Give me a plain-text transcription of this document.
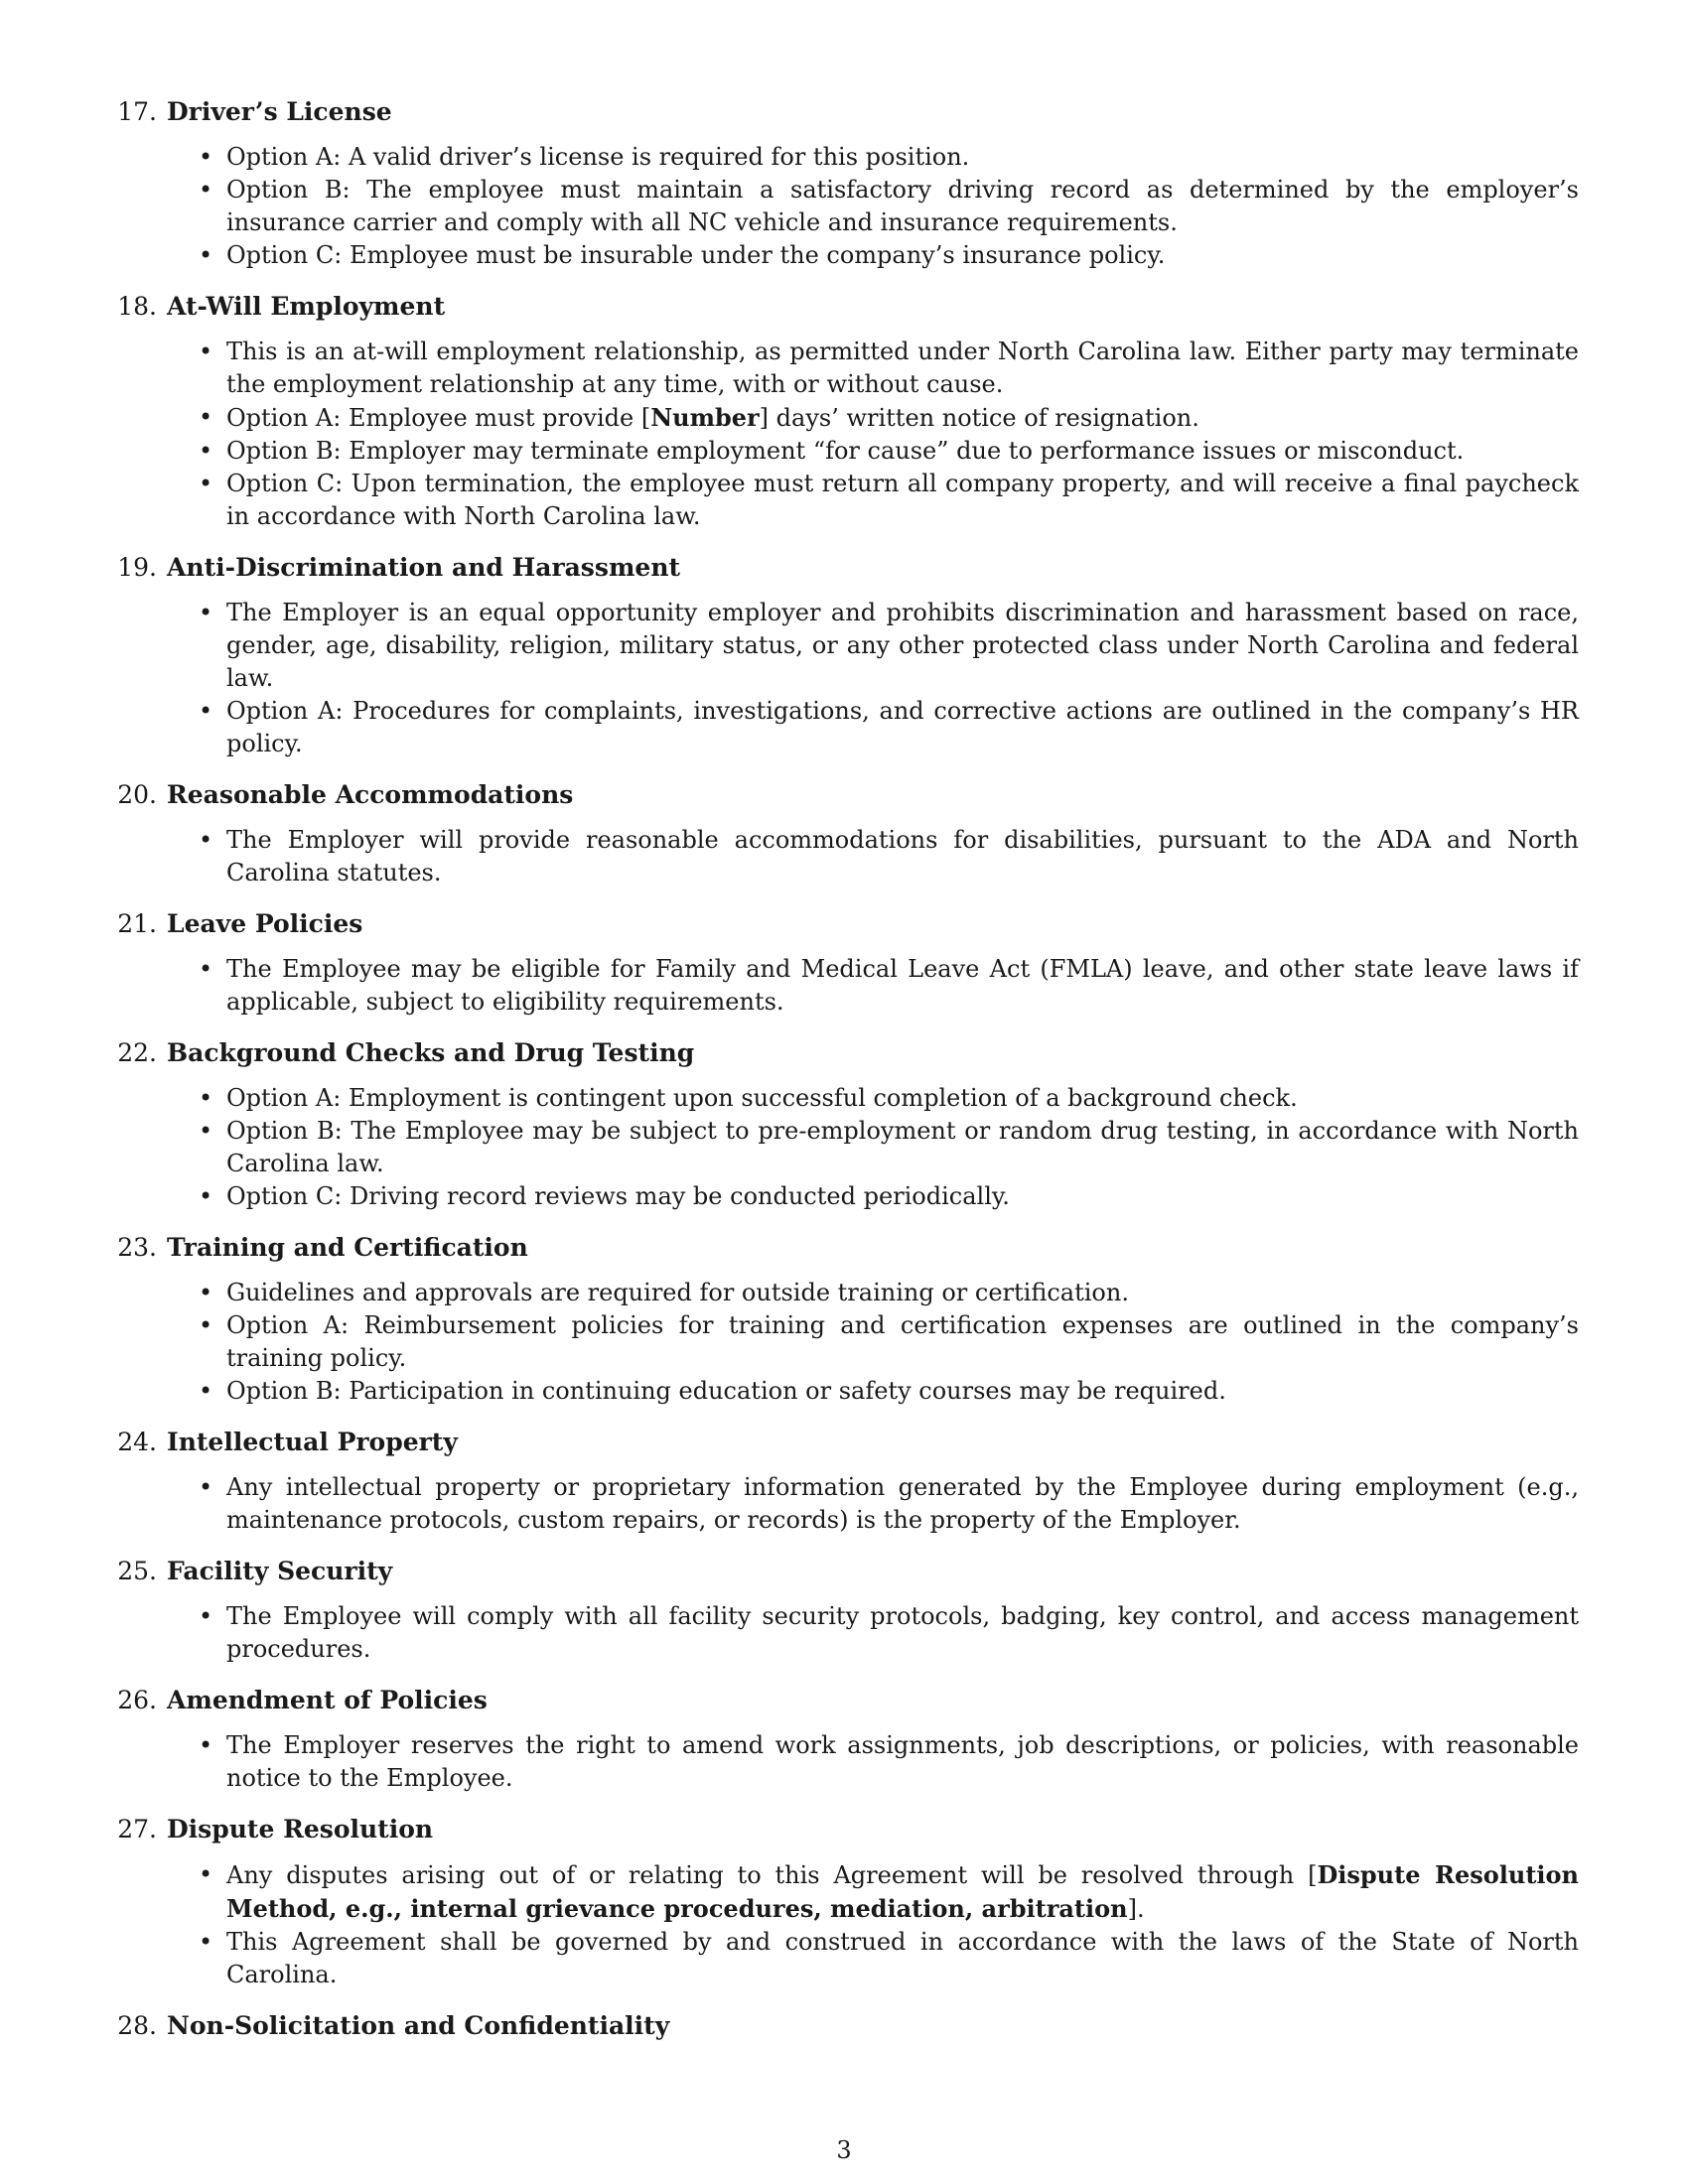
17. Driver’s License
• Option A: A valid driver’s license is required for this position.
• Option B: The employee must maintain a satisfactory driving record as determined by the employer’s insurance carrier and comply with all NC vehicle and insurance requirements.
• Option C: Employee must be insurable under the company’s insurance policy.
18. At-Will Employment
• This is an at-will employment relationship, as permitted under North Carolina law. Either party may terminate the employment relationship at any time, with or without cause.
• Option A: Employee must provide [Number] days’ written notice of resignation.
• Option B: Employer may terminate employment “for cause” due to performance issues or misconduct.
• Option C: Upon termination, the employee must return all company property, and will receive a final paycheck in accordance with North Carolina law.
19. Anti-Discrimination and Harassment
• The Employer is an equal opportunity employer and prohibits discrimination and harassment based on race, gender, age, disability, religion, military status, or any other protected class under North Carolina and federal law.
• Option A: Procedures for complaints, investigations, and corrective actions are outlined in the company’s HR policy.
20. Reasonable Accommodations
• The Employer will provide reasonable accommodations for disabilities, pursuant to the ADA and North Carolina statutes.
21. Leave Policies
• The Employee may be eligible for Family and Medical Leave Act (FMLA) leave, and other state leave laws if applicable, subject to eligibility requirements.
22. Background Checks and Drug Testing
• Option A: Employment is contingent upon successful completion of a background check.
• Option B: The Employee may be subject to pre-employment or random drug testing, in accordance with North Carolina law.
• Option C: Driving record reviews may be conducted periodically.
23. Training and Certification
• Guidelines and approvals are required for outside training or certification.
• Option A: Reimbursement policies for training and certification expenses are outlined in the company’s training policy.
• Option B: Participation in continuing education or safety courses may be required.
24. Intellectual Property
• Any intellectual property or proprietary information generated by the Employee during employment (e.g., maintenance protocols, custom repairs, or records) is the property of the Employer.
25. Facility Security
• The Employee will comply with all facility security protocols, badging, key control, and access management procedures.
26. Amendment of Policies
• The Employer reserves the right to amend work assignments, job descriptions, or policies, with reasonable notice to the Employee.
27. Dispute Resolution
• Any disputes arising out of or relating to this Agreement will be resolved through [Dispute Resolution Method, e.g., internal grievance procedures, mediation, arbitration].
• This Agreement shall be governed by and construed in accordance with the laws of the State of North Carolina.
28. Non-Solicitation and Confidentiality
3
